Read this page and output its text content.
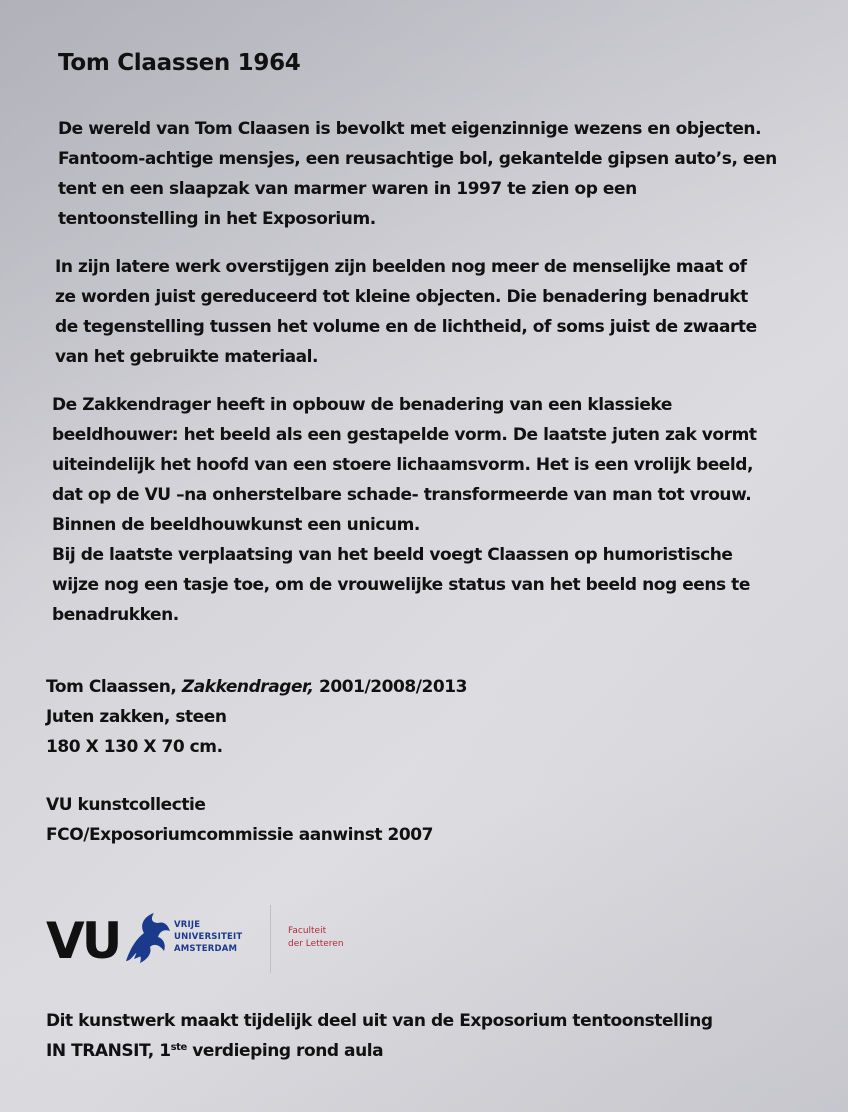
Tom Claassen 1964

De wereld van Tom Claasen is bevolkt met eigenzinnige wezens en objecten.
Fantoom-achtige mensjes, een reusachtige bol, gekantelde gipsen auto’s, een
tent en een slaapzak van marmer waren in 1997 te zien op een
tentoonstelling in het Exposorium.

In zijn latere werk overstijgen zijn beelden nog meer de menselijke maat of
ze worden juist gereduceerd tot kleine objecten. Die benadering benadrukt
de tegenstelling tussen het volume en de lichtheid, of soms juist de zwaarte
van het gebruikte materiaal.

De Zakkendrager heeft in opbouw de benadering van een klassieke
beeldhouwer: het beeld als een gestapelde vorm. De laatste juten zak vormt
uiteindelijk het hoofd van een stoere lichaamsvorm. Het is een vrolijk beeld,
dat op de VU –na onherstelbare schade- transformeerde van man tot vrouw.
Binnen de beeldhouwkunst een unicum.
Bij de laatste verplaatsing van het beeld voegt Claassen op humoristische
wijze nog een tasje toe, om de vrouwelijke status van het beeld nog eens te
benadrukken.

Tom Claassen, Zakkendrager, 2001/2008/2013
Juten zakken, steen
180 X 130 X 70 cm.
VU kunstcollectie
FCO/Exposoriumcommissie aanwinst 2007
VU	VRIJE
UNIVERSITEIT
AMSTERDAM
Faculteit
der Letteren
Dit kunstwerk maakt tijdelijk deel uit van de Exposorium tentoonstelling
IN TRANSIT, 1ste verdieping rond aula
